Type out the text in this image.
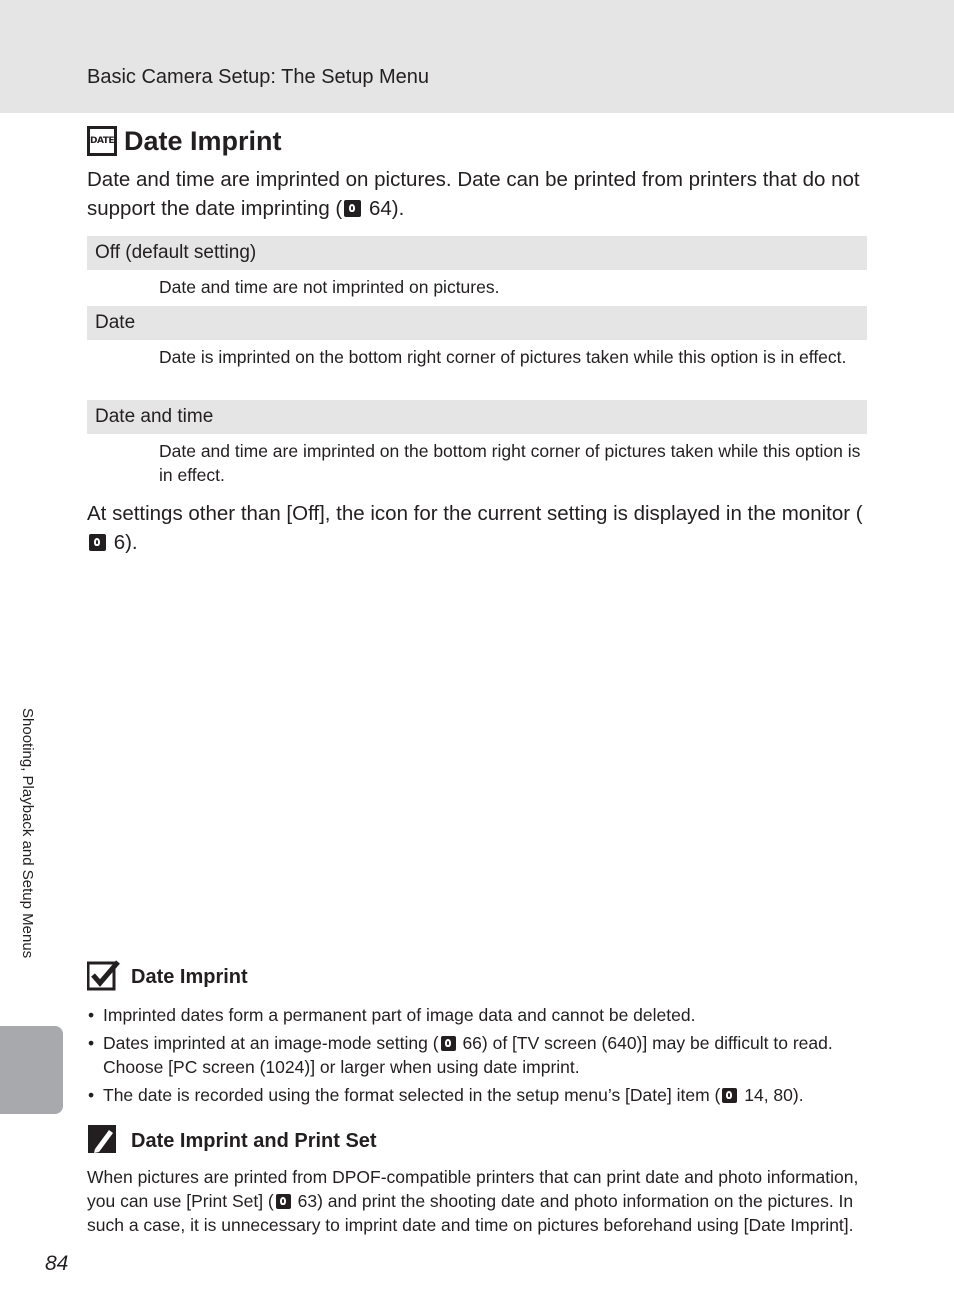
Basic Camera Setup: The Setup Menu
DATE Date Imprint
Date and time are imprinted on pictures. Date can be printed from printers that do not support the date imprinting ( 64).
Off (default setting)
Date and time are not imprinted on pictures.
Date
Date is imprinted on the bottom right corner of pictures taken while this option is in effect.
Date and time
Date and time are imprinted on the bottom right corner of pictures taken while this option is in effect.
At settings other than [Off], the icon for the current setting is displayed in the monitor ( 6).
Shooting, Playback and Setup Menus
Date Imprint
• Imprinted dates form a permanent part of image data and cannot be deleted.
• Dates imprinted at an image-mode setting ( 66) of [TV screen (640)] may be difficult to read. Choose [PC screen (1024)] or larger when using date imprint.
• The date is recorded using the format selected in the setup menu’s [Date] item ( 14, 80).
Date Imprint and Print Set
When pictures are printed from DPOF-compatible printers that can print date and photo information, you can use [Print Set] ( 63) and print the shooting date and photo information on the pictures. In such a case, it is unnecessary to imprint date and time on pictures beforehand using [Date Imprint].
84
